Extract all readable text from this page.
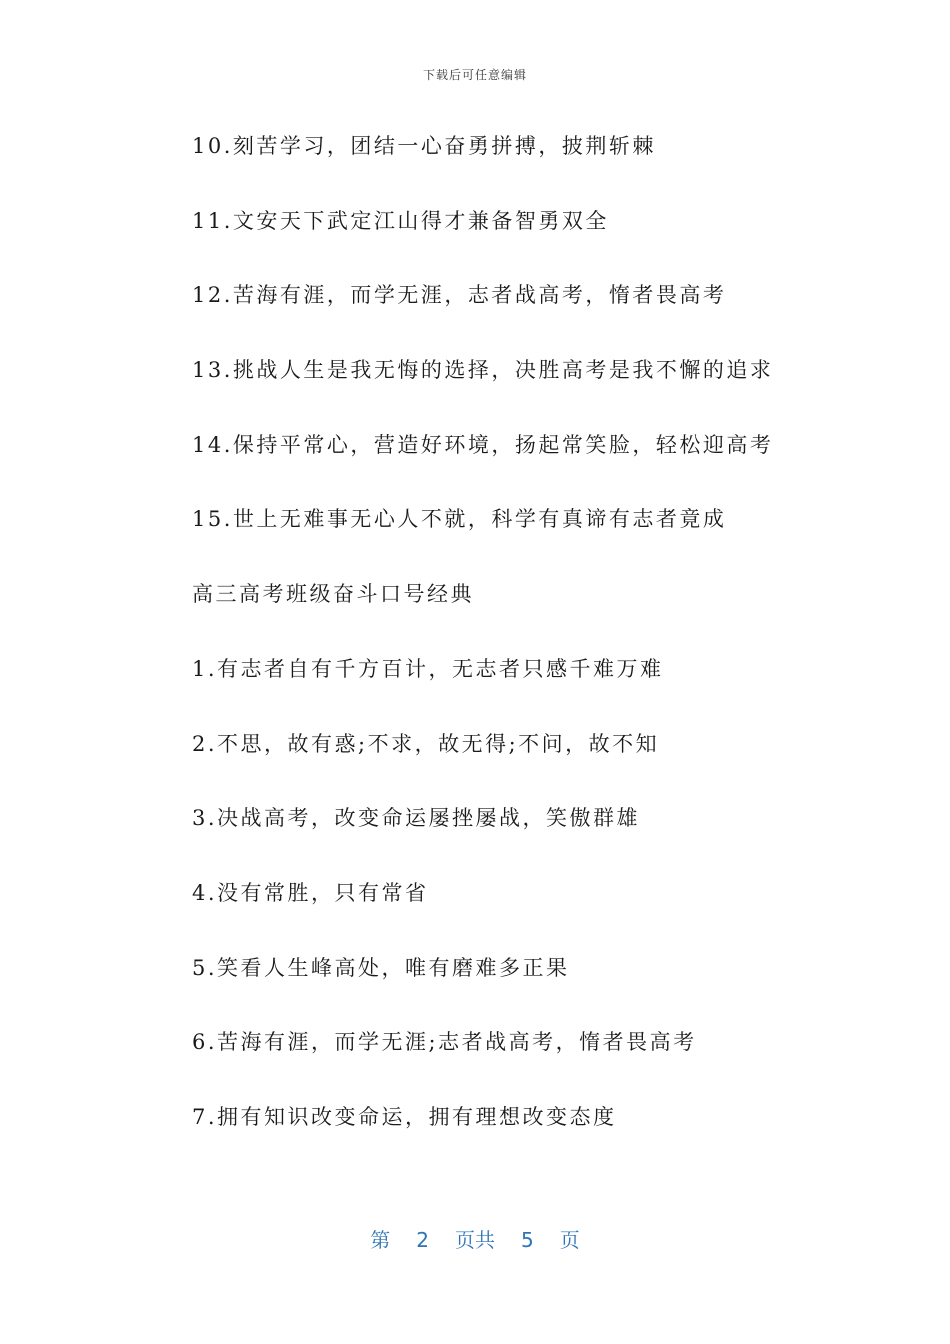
下载后可任意编辑
10.刻苦学习，团结一心奋勇拼搏，披荆斩棘
11.文安天下武定江山得才兼备智勇双全
12.苦海有涯，而学无涯，志者战高考，惰者畏高考
13.挑战人生是我无悔的选择，决胜高考是我不懈的追求
14.保持平常心，营造好环境，扬起常笑脸，轻松迎高考
15.世上无难事无心人不就，科学有真谛有志者竟成
高三高考班级奋斗口号经典
1.有志者自有千方百计，无志者只感千难万难
2.不思，故有惑;不求，故无得;不问，故不知
3.决战高考，改变命运屡挫屡战，笑傲群雄
4.没有常胜，只有常省
5.笑看人生峰高处，唯有磨难多正果
6.苦海有涯，而学无涯;志者战高考，惰者畏高考
7.拥有知识改变命运，拥有理想改变态度
第 2 页共 5 页
